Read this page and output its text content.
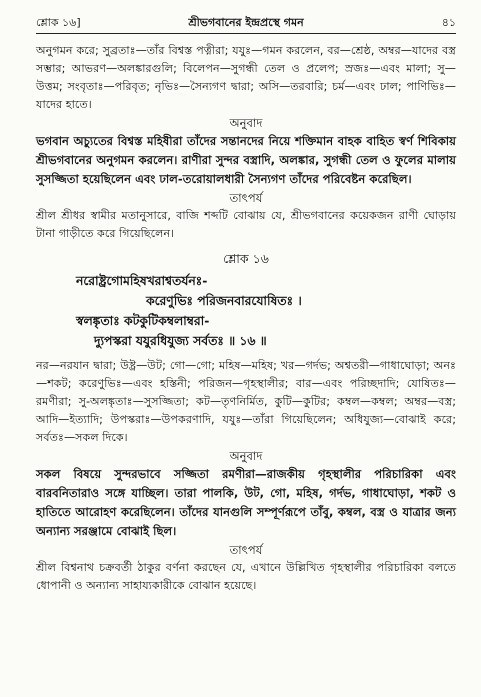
শ্লোক ১৬]	শ্রীভগবানের ইন্দ্রপ্রস্থে গমন	৪১

অনুগমন করে; সুব্রতাঃ—তাঁর বিশ্বস্ত পত্নীরা; যযুঃ—গমন করলেন, বর—শ্রেষ্ঠ, অম্বর—যাদের বস্ত্র সম্ভার; আভরণ—অলঙ্কারগুলি; বিলেপন—সুগন্ধী তেল ও প্রলেপ; স্রজঃ—এবং মালা; সু—উত্তম; সংবৃতাঃ—পরিবৃত; নৃভিঃ—সৈন্যগণ দ্বারা; অসি—তরবারি; চর্ম—এবং ঢাল; পাণিভিঃ—যাদের হাতে।

অনুবাদ

ভগবান অচ্যুতের বিশ্বস্ত মহিষীরা তাঁদের সন্তানদের নিয়ে শক্তিমান বাহক বাহিত স্বর্ণ শিবিকায় শ্রীভগবানের অনুগমন করলেন। রাণীরা সুন্দর বস্ত্রাদি, অলঙ্কার, সুগন্ধী তেল ও ফুলের মালায় সুসজ্জিতা হয়েছিলেন এবং ঢাল-তরোয়ালধারী সৈন্যগণ তাঁদের পরিবেষ্টন করেছিল।

তাৎপর্য

শ্রীল শ্রীধর স্বামীর মতানুসারে, বাজি শব্দটি বোঝায় যে, শ্রীভগবানের কয়েকজন রাণী ঘোড়ায় টানা গাড়ীতে করে গিয়েছিলেন।

শ্লোক ১৬
নরোষ্ট্রগোমহিষখরাশ্বতর্যনঃ-
করেণুভিঃ পরিজনবারযোষিতঃ ।
স্বলঙ্কৃতাঃ কটকুটিকম্বলাম্বরা-
দ্যুপস্করা যযুরধিযুজ্য সর্বতঃ ॥ ১৬ ॥

নর—নরযান দ্বারা; উষ্ট্র—উট; গো—গো; মহিষ—মহিষ; খর—গর্দভ; অশ্বতরী—গাধাঘোড়া; অনঃ—শকট; করেণুভিঃ—এবং হস্তিনী; পরিজন—গৃহস্থালীর; বার—এবং পরিচ্ছদাদি; যোষিতঃ—রমণীরা; সু-অলঙ্কৃতাঃ—সুসজ্জিতা; কট—তৃণনির্মিত, কুটি—কুটির; কম্বল—কম্বল; অম্বর—বস্ত্র; আদি—ইত্যাদি; উপস্করাঃ—উপকরণাদি, যযুঃ—তাঁরা গিয়েছিলেন; অধিযুজ্য—বোঝাই করে; সর্বতঃ—সকল দিকে।

অনুবাদ

সকল বিষয়ে সুন্দরভাবে সজ্জিতা রমণীরা—রাজকীয় গৃহস্থালীর পরিচারিকা এবং বারবনিতারাও সঙ্গে যাচ্ছিল। তারা পালকি, উট, গো, মহিষ, গর্দভ, গাধাঘোড়া, শকট ও হাতিতে আরোহণ করেছিলেন। তাঁদের যানগুলি সম্পূর্ণরূপে তাঁবু, কম্বল, বস্ত্র ও যাত্রার জন্য অন্যান্য সরঞ্জামে বোঝাই ছিল।

তাৎপর্য

শ্রীল বিশ্বনাথ চক্রবর্তী ঠাকুর বর্ণনা করছেন যে, এখানে উল্লিখিত গৃহস্থালীর পরিচারিকা বলতে ধোপানী ও অন্যান্য সাহায্যকারীকে বোঝান হয়েছে।
